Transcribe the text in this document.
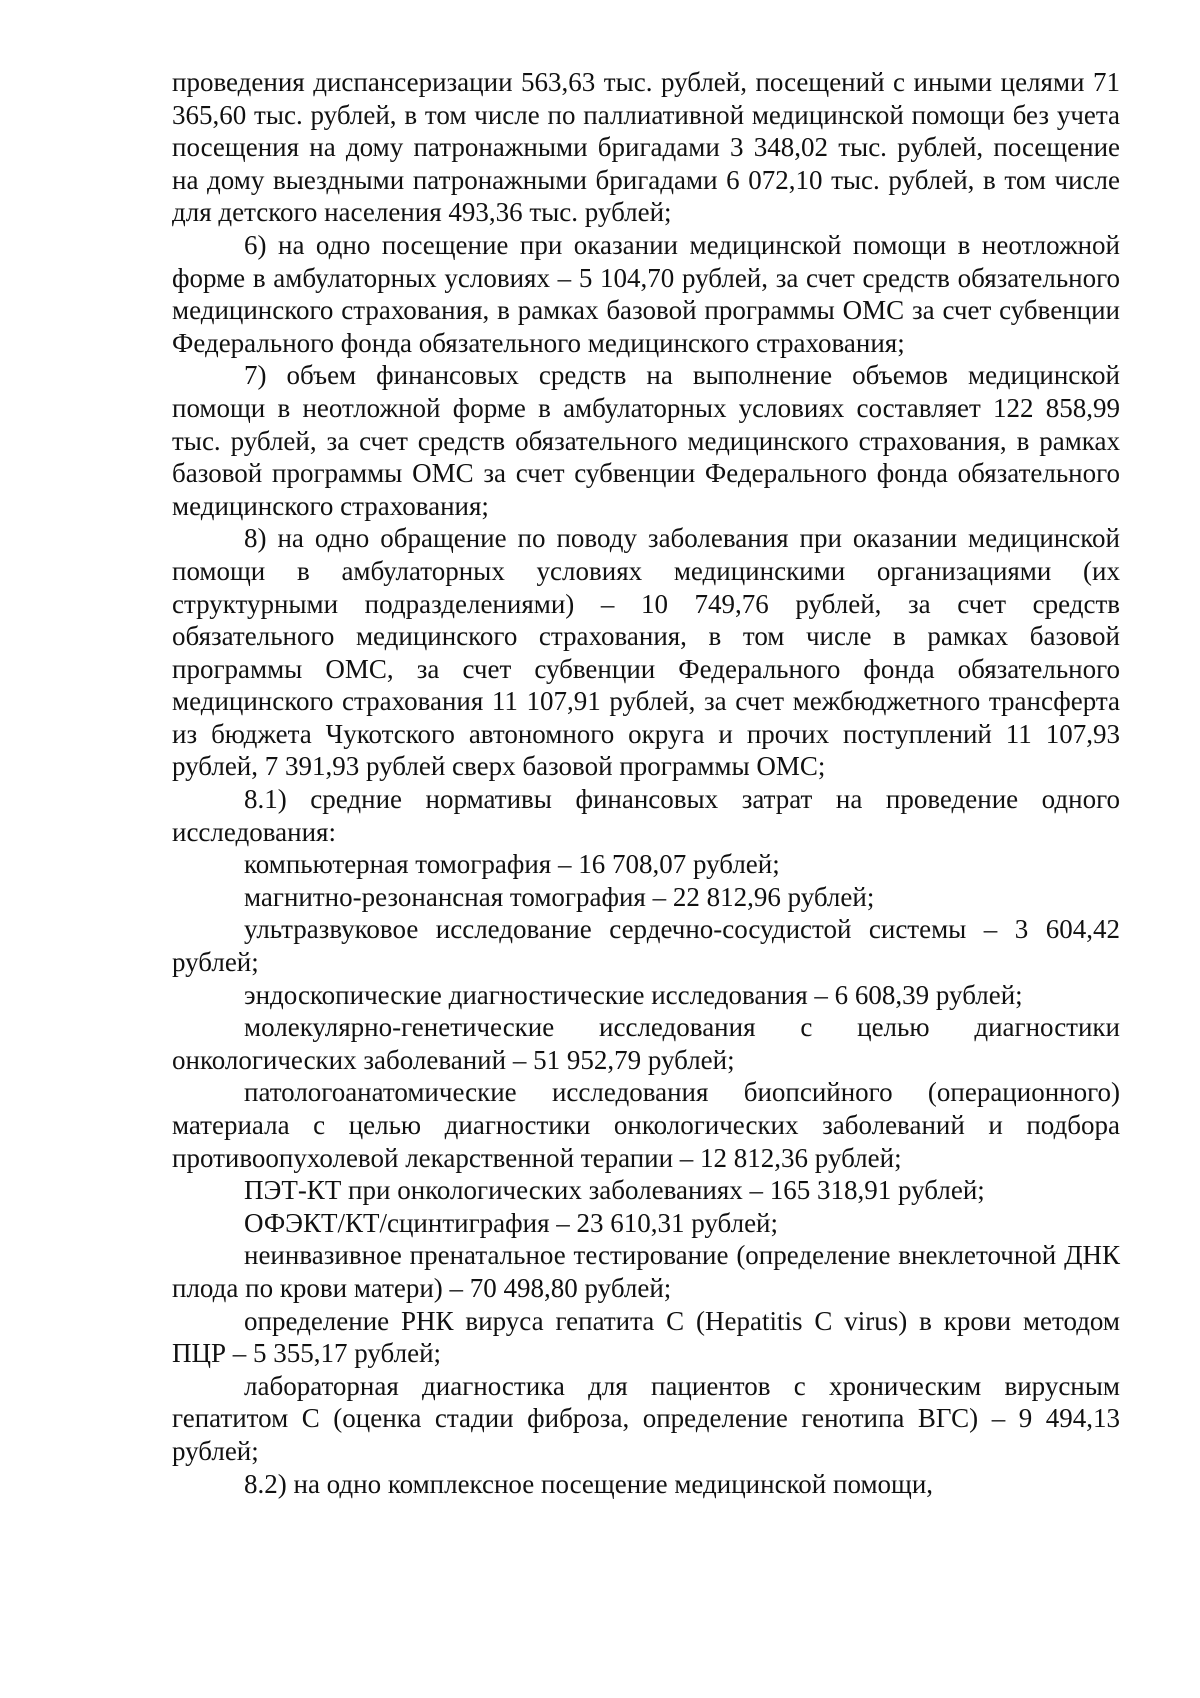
проведения диспансеризации 563,63 тыс. рублей, посещений с иными целями 71 365,60 тыс. рублей, в том числе по паллиативной медицинской помощи без учета посещения на дому патронажными бригадами 3 348,02 тыс. рублей, посещение на дому выездными патронажными бригадами 6 072,10 тыс. рублей, в том числе для детского населения 493,36 тыс. рублей;

6) на одно посещение при оказании медицинской помощи в неотложной форме в амбулаторных условиях – 5 104,70 рублей, за счет средств обязательного медицинского страхования, в рамках базовой программы ОМС за счет субвенции Федерального фонда обязательного медицинского страхования;

7) объем финансовых средств на выполнение объемов медицинской помощи в неотложной форме в амбулаторных условиях составляет 122 858,99 тыс. рублей, за счет средств обязательного медицинского страхования, в рамках базовой программы ОМС за счет субвенции Федерального фонда обязательного медицинского страхования;

8) на одно обращение по поводу заболевания при оказании медицинской помощи в амбулаторных условиях медицинскими организациями (их структурными подразделениями) – 10 749,76 рублей, за счет средств обязательного медицинского страхования, в том числе в рамках базовой программы ОМС, за счет субвенции Федерального фонда обязательного медицинского страхования 11 107,91 рублей, за счет межбюджетного трансферта из бюджета Чукотского автономного округа и прочих поступлений 11 107,93 рублей, 7 391,93 рублей сверх базовой программы ОМС;

8.1) средние нормативы финансовых затрат на проведение одного исследования:

компьютерная томография – 16 708,07 рублей;

магнитно-резонансная томография – 22 812,96 рублей;

ультразвуковое исследование сердечно-сосудистой системы – 3 604,42 рублей;

эндоскопические диагностические исследования – 6 608,39 рублей;

молекулярно-генетические исследования с целью диагностики онкологических заболеваний – 51 952,79 рублей;

патологоанатомические исследования биопсийного (операционного) материала с целью диагностики онкологических заболеваний и подбора противоопухолевой лекарственной терапии – 12 812,36 рублей;

ПЭТ-КТ при онкологических заболеваниях – 165 318,91 рублей;

ОФЭКТ/КТ/сцинтиграфия – 23 610,31 рублей;

неинвазивное пренатальное тестирование (определение внеклеточной ДНК плода по крови матери) – 70 498,80 рублей;

определение РНК вируса гепатита С (Hepatitis C virus) в крови методом ПЦР – 5 355,17 рублей;

лабораторная диагностика для пациентов с хроническим вирусным гепатитом С (оценка стадии фиброза, определение генотипа ВГС) – 9 494,13 рублей;

8.2) на одно комплексное посещение медицинской помощи,
